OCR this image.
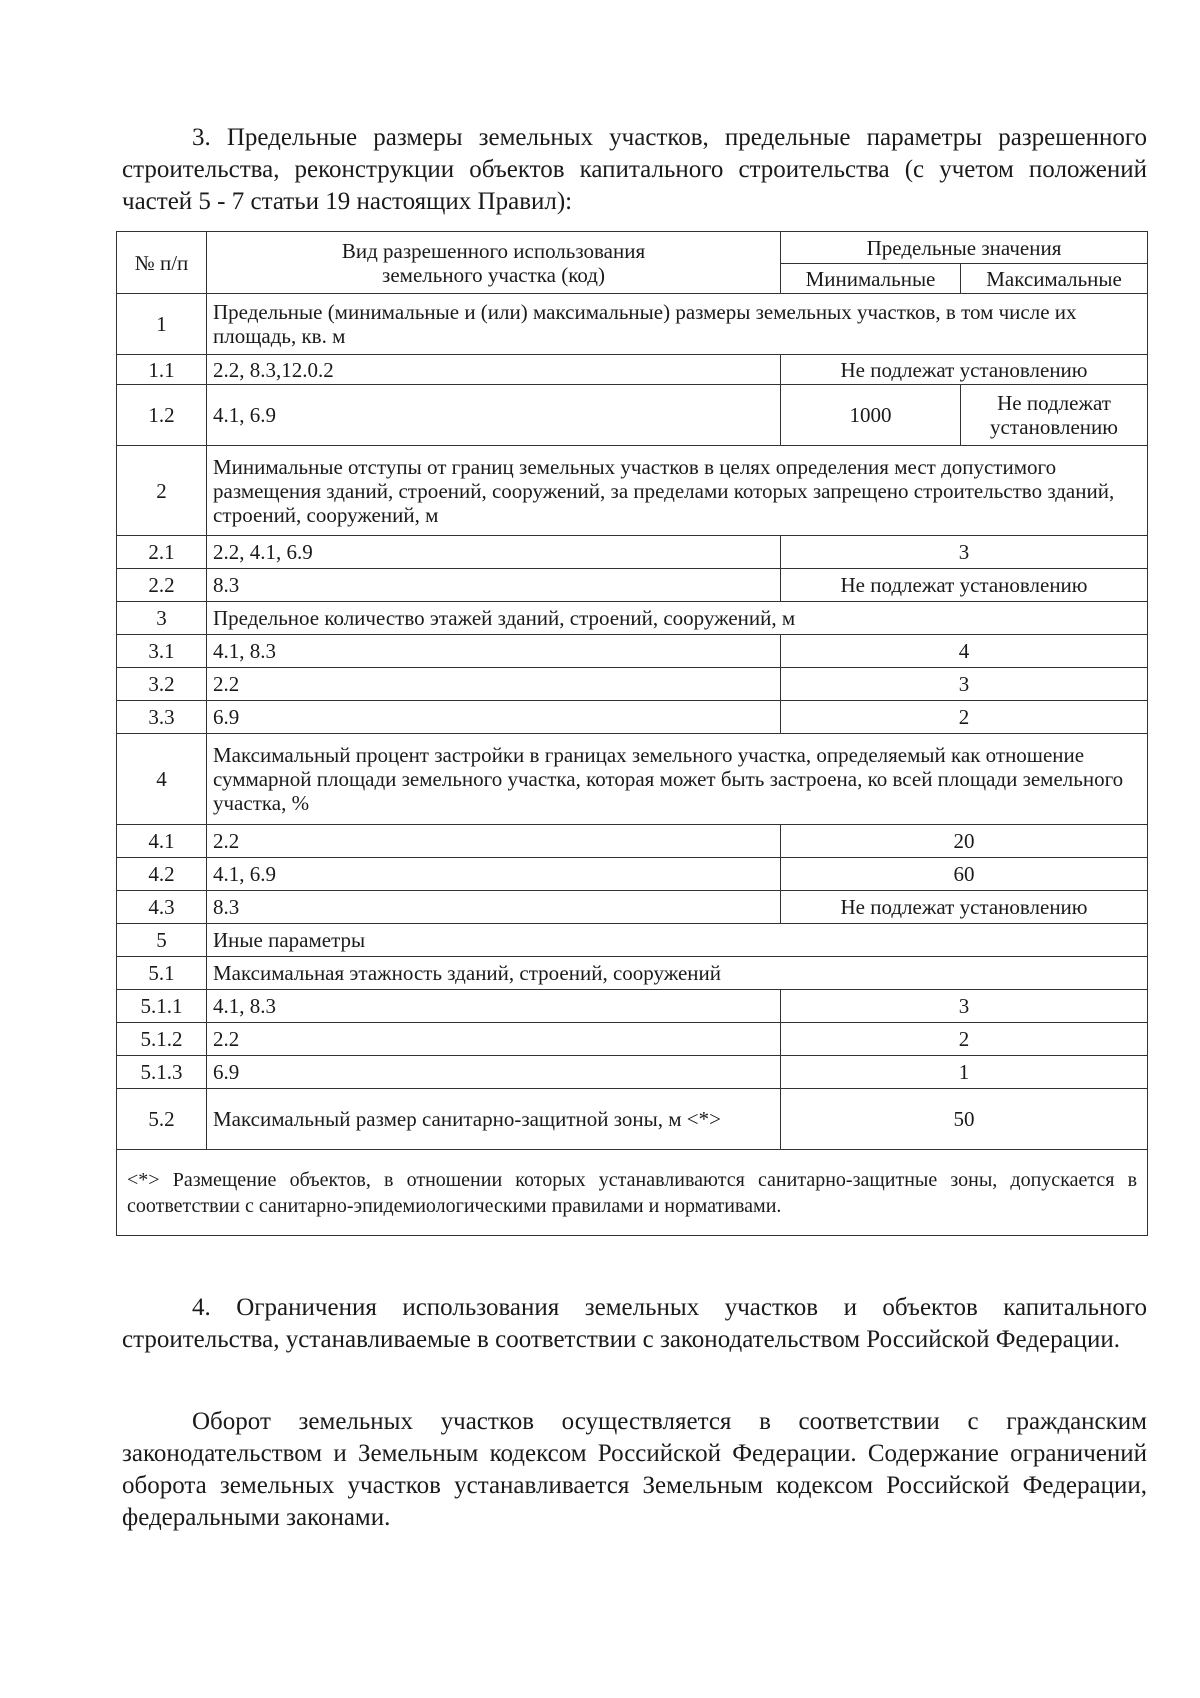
3. Предельные размеры земельных участков, предельные параметры разрешенного строительства, реконструкции объектов капитального строительства (с учетом положений частей 5 - 7 статьи 19 настоящих Правил):

№ п/п	Вид разрешенного использования земельного участка (код)	Предельные значения	
		Минимальные	Максимальные
1	Предельные (минимальные и (или) максимальные) размеры земельных участков, в том числе их площадь, кв. м		
1.1	2.2, 8.3,12.0.2	Не подлежат установлению	
1.2	4.1, 6.9	1000	Не подлежат установлению
2	Минимальные отступы от границ земельных участков в целях определения мест допустимого размещения зданий, строений, сооружений, за пределами которых запрещено строительство зданий, строений, сооружений, м		
2.1	2.2, 4.1, 6.9	3	
2.2	8.3	Не подлежат установлению	
3	Предельное количество этажей зданий, строений, сооружений, м		
3.1	4.1, 8.3	4	
3.2	2.2	3	
3.3	6.9	2	
4	Максимальный процент застройки в границах земельного участка, определяемый как отношение суммарной площади земельного участка, которая может быть застроена, ко всей площади земельного участка, %		
4.1	2.2	20	
4.2	4.1, 6.9	60	
4.3	8.3	Не подлежат установлению	
5	Иные параметры		
5.1	Максимальная этажность зданий, строений, сооружений		
5.1.1	4.1, 8.3	3	
5.1.2	2.2	2	
5.1.3	6.9	1	
5.2	Максимальный размер санитарно-защитной зоны, м <*>	50	
<*> Размещение объектов, в отношении которых устанавливаются санитарно-защитные зоны, допускается в соответствии с санитарно-эпидемиологическими правилами и нормативами.			

4. Ограничения использования земельных участков и объектов капитального строительства, устанавливаемые в соответствии с законодательством Российской Федерации.

Оборот земельных участков осуществляется в соответствии с гражданским законодательством и Земельным кодексом Российской Федерации. Содержание ограничений оборота земельных участков устанавливается Земельным кодексом Российской Федерации, федеральными законами.
